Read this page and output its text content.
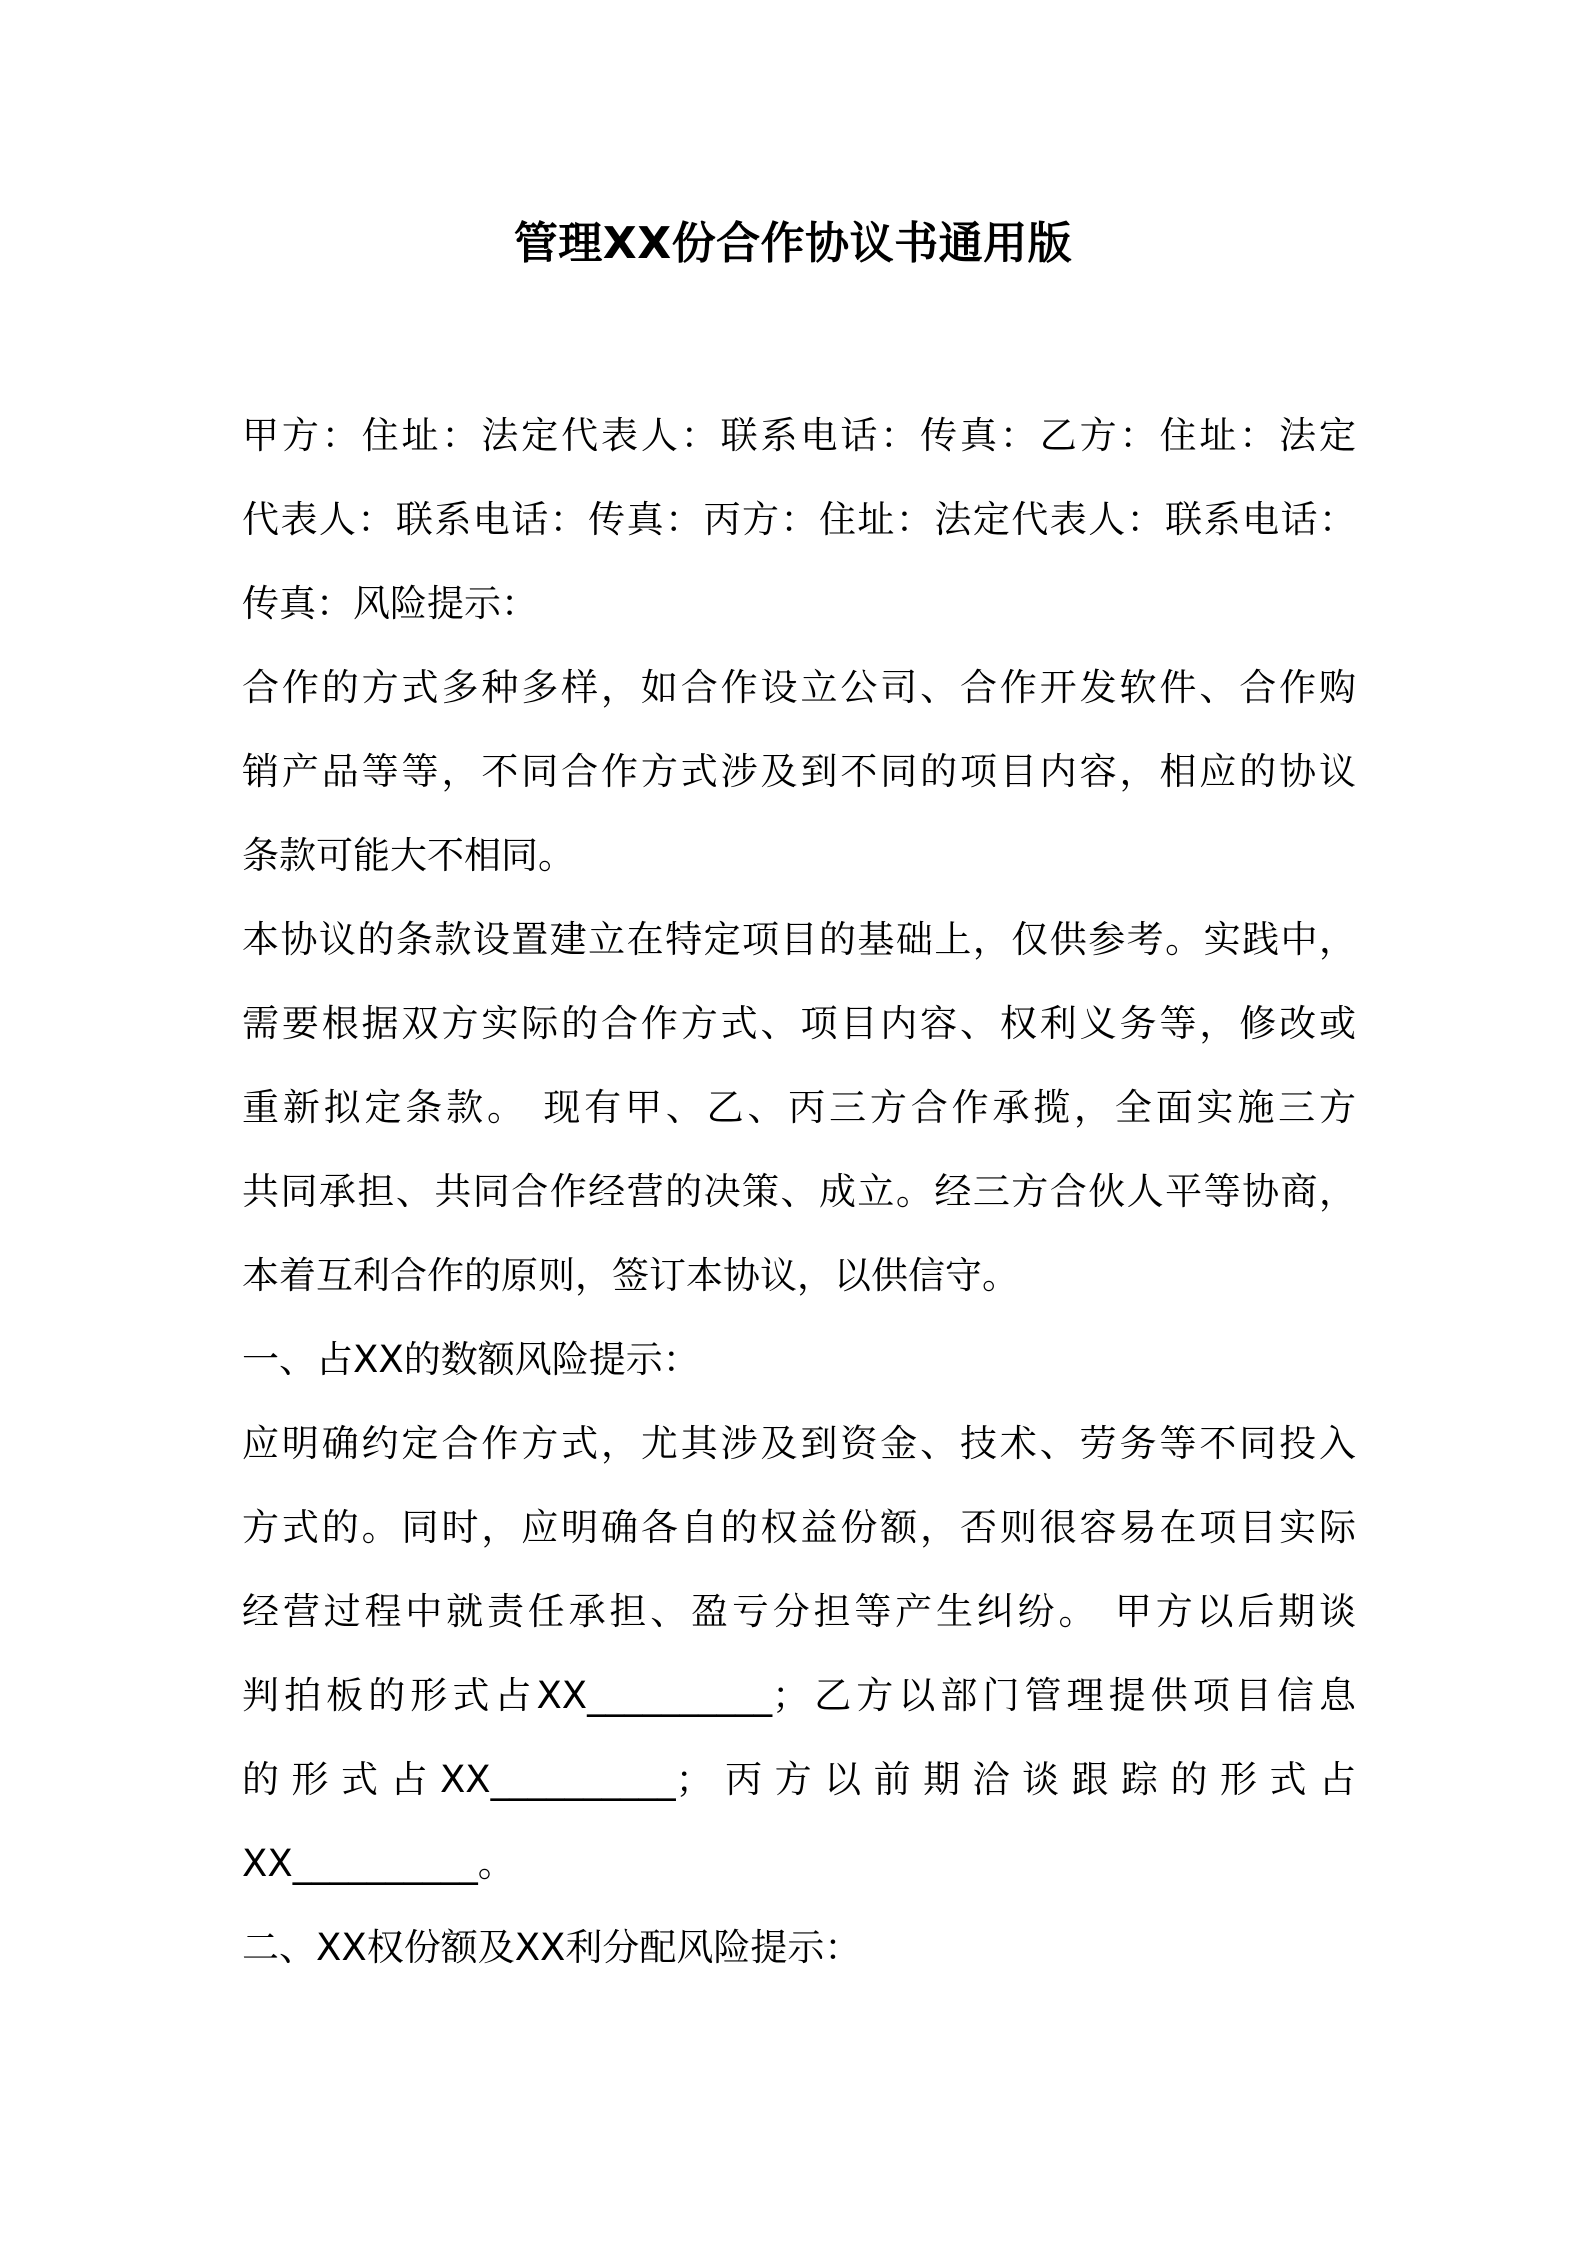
管理XX份合作协议书通用版
甲方：住址：法定代表人：联系电话：传真：乙方：住址：法定
代表人：联系电话：传真：丙方：住址：法定代表人：联系电话：
传真：风险提示：
合作的方式多种多样，如合作设立公司、合作开发软件、合作购
销产品等等，不同合作方式涉及到不同的项目内容，相应的协议
条款可能大不相同。
本协议的条款设置建立在特定项目的基础上，仅供参考。实践中，
需要根据双方实际的合作方式、项目内容、权利义务等，修改或
重新拟定条款。 现有甲、乙、丙三方合作承揽，全面实施三方
共同承担、共同合作经营的决策、成立。经三方合伙人平等协商，
本着互利合作的原则，签订本协议，以供信守。
一、占XX的数额风险提示：
应明确约定合作方式，尤其涉及到资金、技术、劳务等不同投入
方式的。同时，应明确各自的权益份额，否则很容易在项目实际
经营过程中就责任承担、盈亏分担等产生纠纷。 甲方以后期谈
判拍板的形式占XX__________；乙方以部门管理提供项目信息
的形式占XX__________；丙方以前期洽谈跟踪的形式占
XX__________。
二、XX权份额及XX利分配风险提示：
